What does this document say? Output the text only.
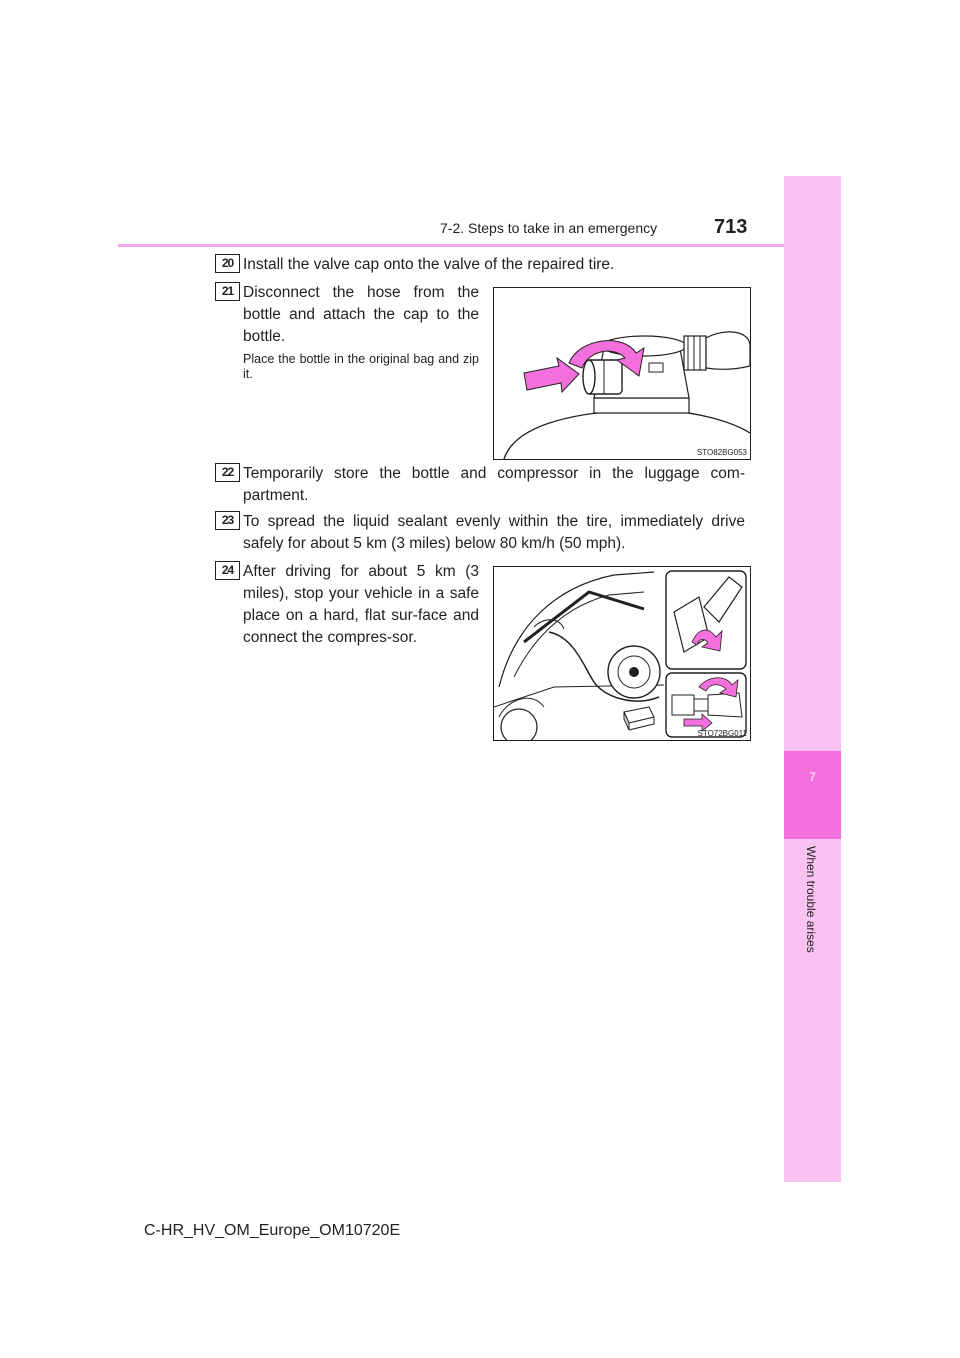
7-2. Steps to take in an emergency	713
7
When trouble arises
20 Install the valve cap onto the valve of the repaired tire.
21 Disconnect the hose from the bottle and attach the cap to the bottle.
Place the bottle in the original bag and zip it.
STO82BG053
22 Temporarily store the bottle and compressor in the luggage com-partment.
23 To spread the liquid sealant evenly within the tire, immediately drive safely for about 5 km (3 miles) below 80 km/h (50 mph).
24 After driving for about 5 km (3 miles), stop your vehicle in a safe place on a hard, flat sur-face and connect the compres-sor.
STO72BG011
C-HR_HV_OM_Europe_OM10720E
